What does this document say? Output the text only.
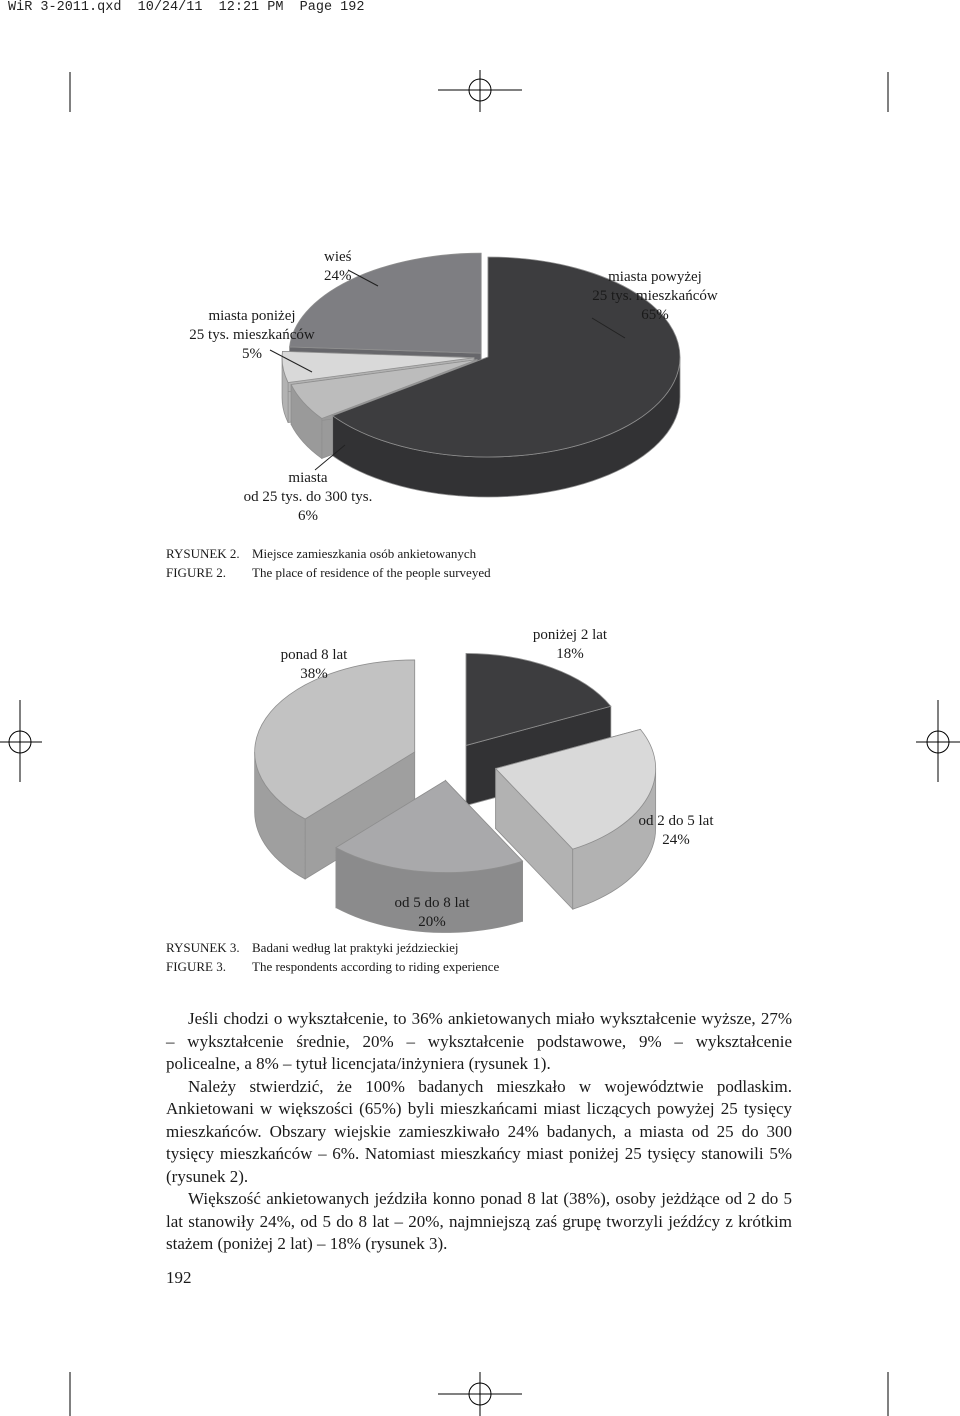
WiR 3-2011.qxd  10/24/11  12:21 PM  Page 192
miasta powyżej
25 tys. mieszkańców
65%
miasta
od 25 tys. do 300 tys.
6%
miasta poniżej
25 tys. mieszkańców
5%
wieś
24%
RYSUNEK 2. Miejsce zamieszkania osób ankietowanych
FIGURE 2. The place of residence of the people surveyed
poniżej 2 lat
18%
od 2 do 5 lat
24%
od 5 do 8 lat
20%
ponad 8 lat
38%
RYSUNEK 3. Badani według lat praktyki jeździeckiej
FIGURE 3. The respondents according to riding experience

Jeśli chodzi o wykształcenie, to 36% ankietowanych miało wykształcenie wyższe, 27% – wykształcenie średnie, 20% – wykształcenie podstawowe, 9% – wykształcenie policealne, a 8% – tytuł licencjata/inżyniera (rysunek 1).

Należy stwierdzić, że 100% badanych mieszkało w województwie podlaskim. Ankietowani w większości (65%) byli mieszkańcami miast liczących powyżej 25 tysięcy mieszkańców. Obszary wiejskie zamieszkiwało 24% badanych, a miasta od 25 do 300 tysięcy mieszkańców – 6%. Natomiast mieszkańcy miast poniżej 25 tysięcy stanowili 5% (rysunek 2).

Większość ankietowanych jeździła konno ponad 8 lat (38%), osoby jeżdżące od 2 do 5 lat stanowiły 24%, od 5 do 8 lat – 20%, najmniejszą zaś grupę tworzyli jeźdźcy z krótkim stażem (poniżej 2 lat) – 18% (rysunek 3).

192
